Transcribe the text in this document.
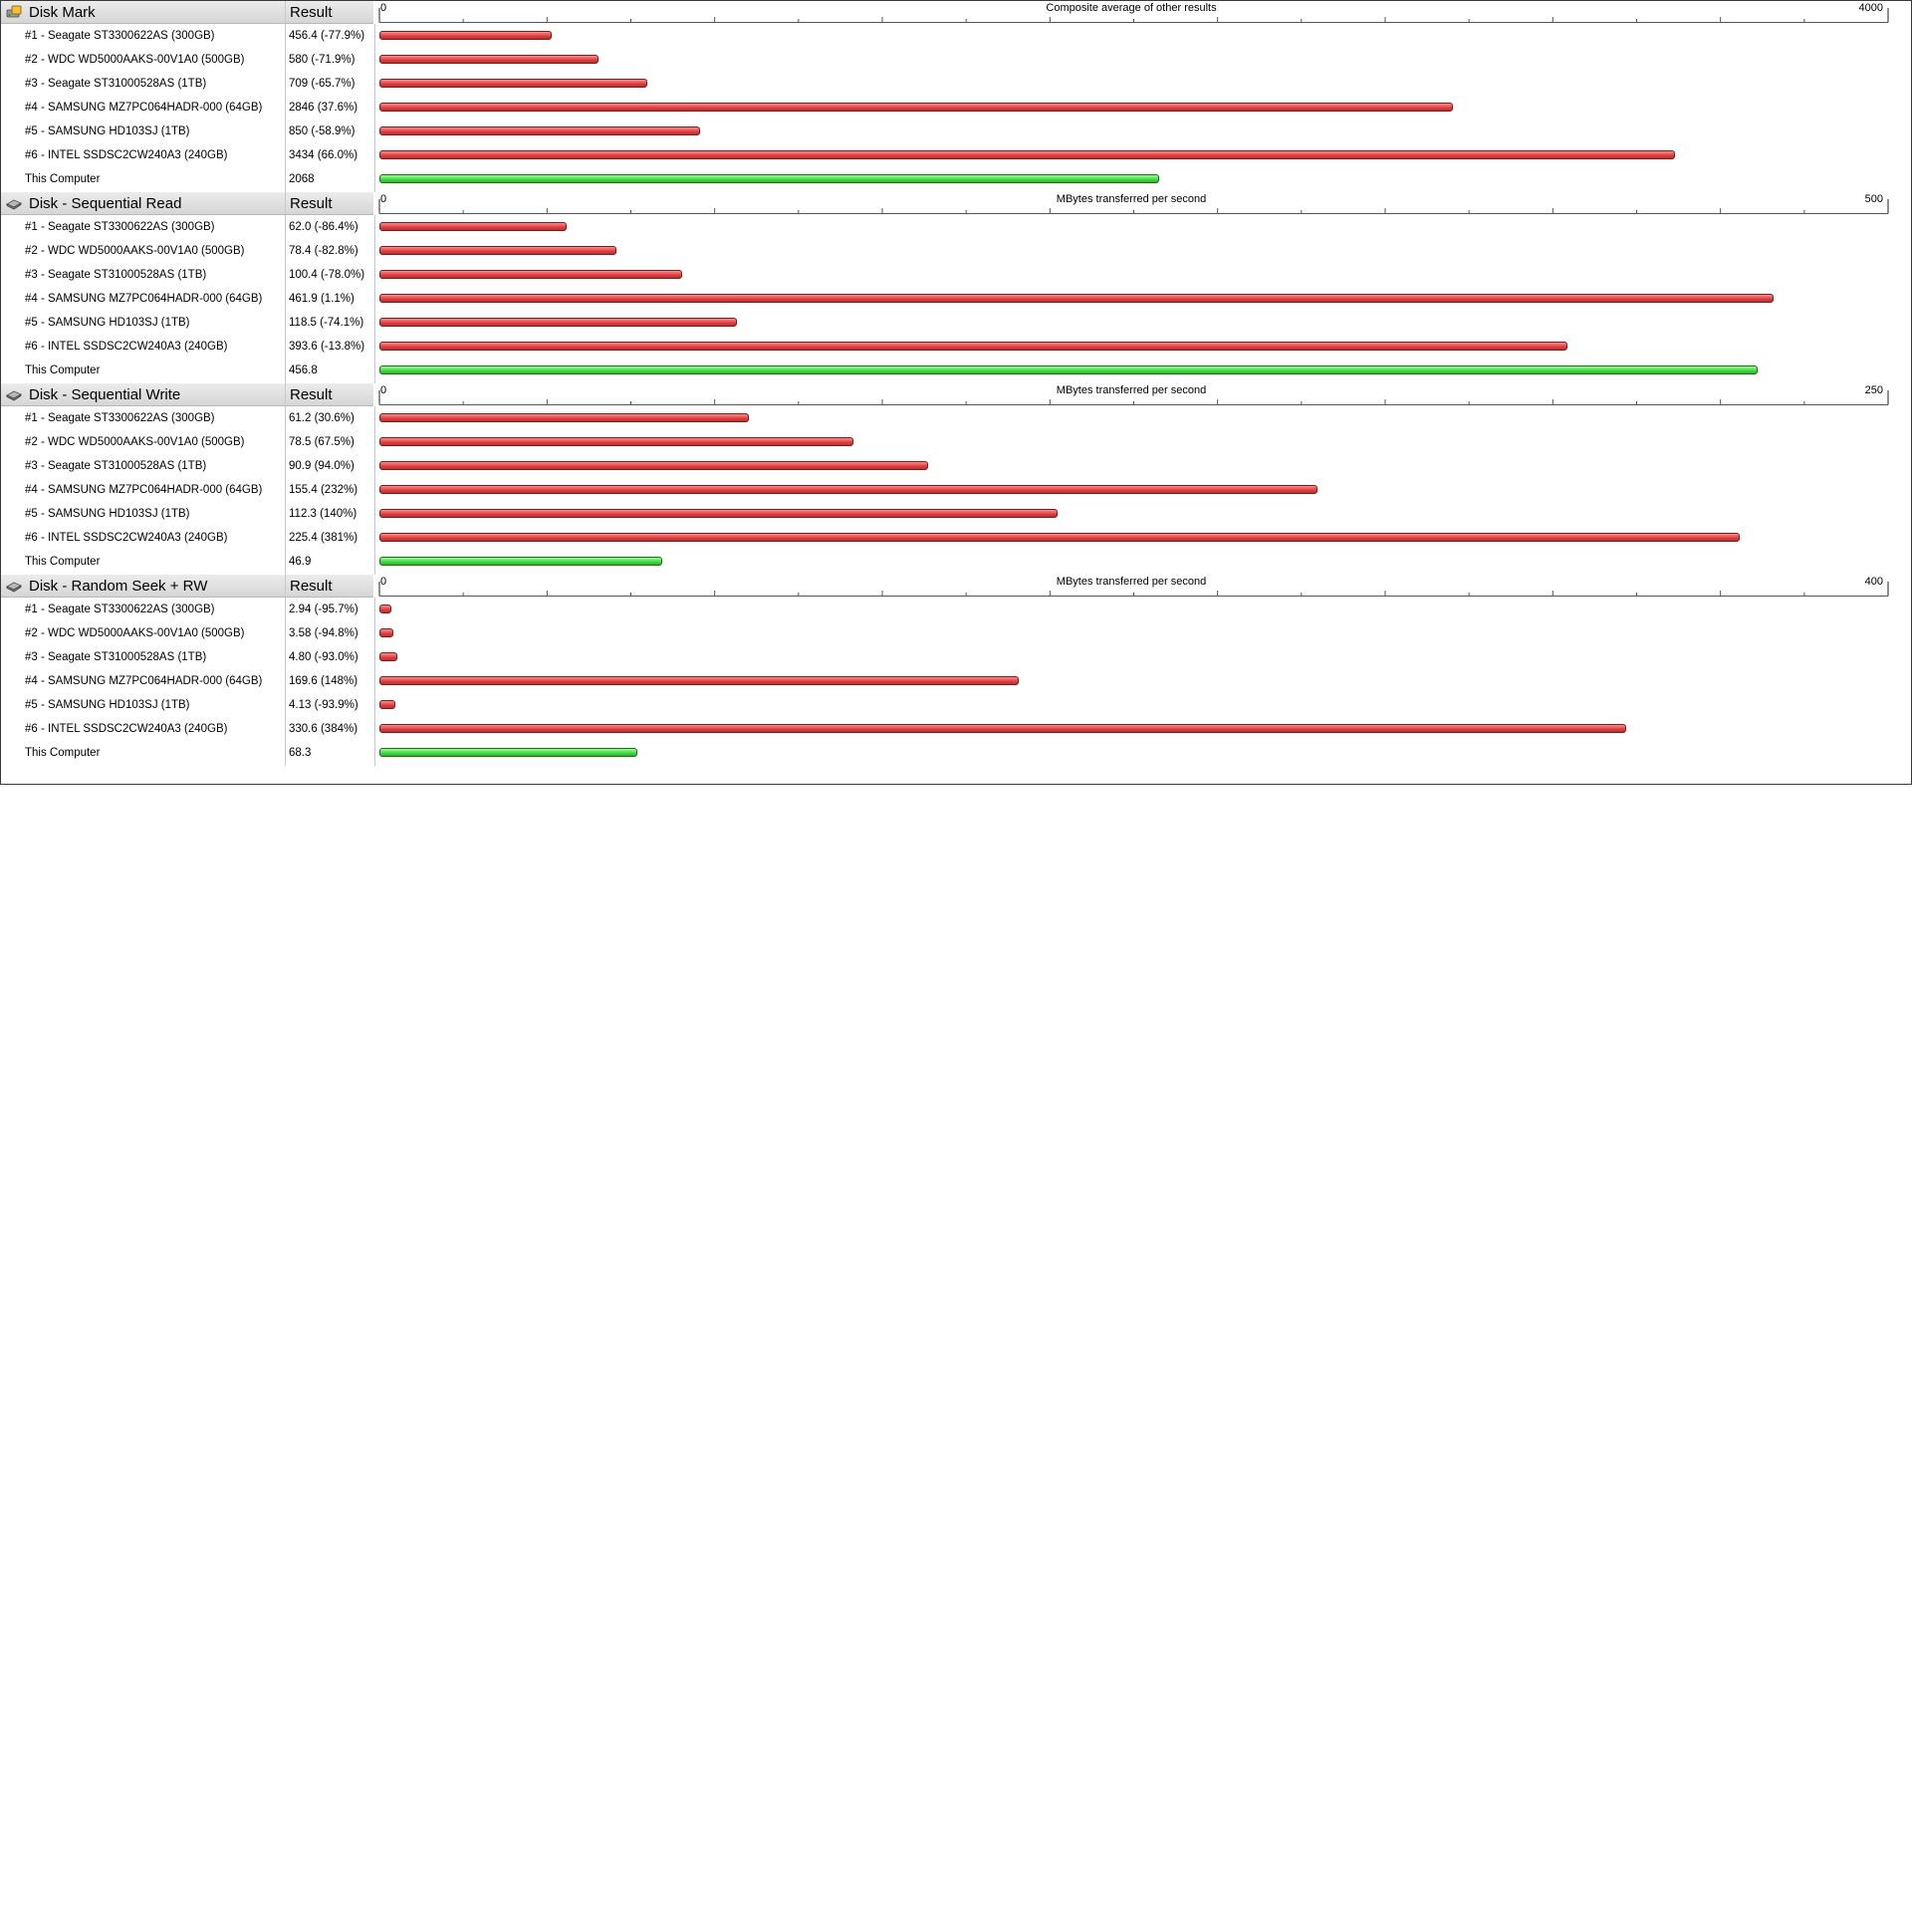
Disk Mark	Result	Composite average of other results
0	4000
#1 - Seagate ST3300622AS (300GB)	456.4 (-77.9%)
#2 - WDC WD5000AAKS-00V1A0 (500GB)	580 (-71.9%)
#3 - Seagate ST31000528AS (1TB)	709 (-65.7%)
#4 - SAMSUNG MZ7PC064HADR-000 (64GB)	2846 (37.6%)
#5 - SAMSUNG HD103SJ (1TB)	850 (-58.9%)
#6 - INTEL SSDSC2CW240A3 (240GB)	3434 (66.0%)
This Computer	2068
Disk - Sequential Read	Result	MBytes transferred per second
0	500
#1 - Seagate ST3300622AS (300GB)	62.0 (-86.4%)
#2 - WDC WD5000AAKS-00V1A0 (500GB)	78.4 (-82.8%)
#3 - Seagate ST31000528AS (1TB)	100.4 (-78.0%)
#4 - SAMSUNG MZ7PC064HADR-000 (64GB)	461.9 (1.1%)
#5 - SAMSUNG HD103SJ (1TB)	118.5 (-74.1%)
#6 - INTEL SSDSC2CW240A3 (240GB)	393.6 (-13.8%)
This Computer	456.8
Disk - Sequential Write	Result	MBytes transferred per second
0	250
#1 - Seagate ST3300622AS (300GB)	61.2 (30.6%)
#2 - WDC WD5000AAKS-00V1A0 (500GB)	78.5 (67.5%)
#3 - Seagate ST31000528AS (1TB)	90.9 (94.0%)
#4 - SAMSUNG MZ7PC064HADR-000 (64GB)	155.4 (232%)
#5 - SAMSUNG HD103SJ (1TB)	112.3 (140%)
#6 - INTEL SSDSC2CW240A3 (240GB)	225.4 (381%)
This Computer	46.9
Disk - Random Seek + RW	Result	MBytes transferred per second
0	400
#1 - Seagate ST3300622AS (300GB)	2.94 (-95.7%)
#2 - WDC WD5000AAKS-00V1A0 (500GB)	3.58 (-94.8%)
#3 - Seagate ST31000528AS (1TB)	4.80 (-93.0%)
#4 - SAMSUNG MZ7PC064HADR-000 (64GB)	169.6 (148%)
#5 - SAMSUNG HD103SJ (1TB)	4.13 (-93.9%)
#6 - INTEL SSDSC2CW240A3 (240GB)	330.6 (384%)
This Computer	68.3
